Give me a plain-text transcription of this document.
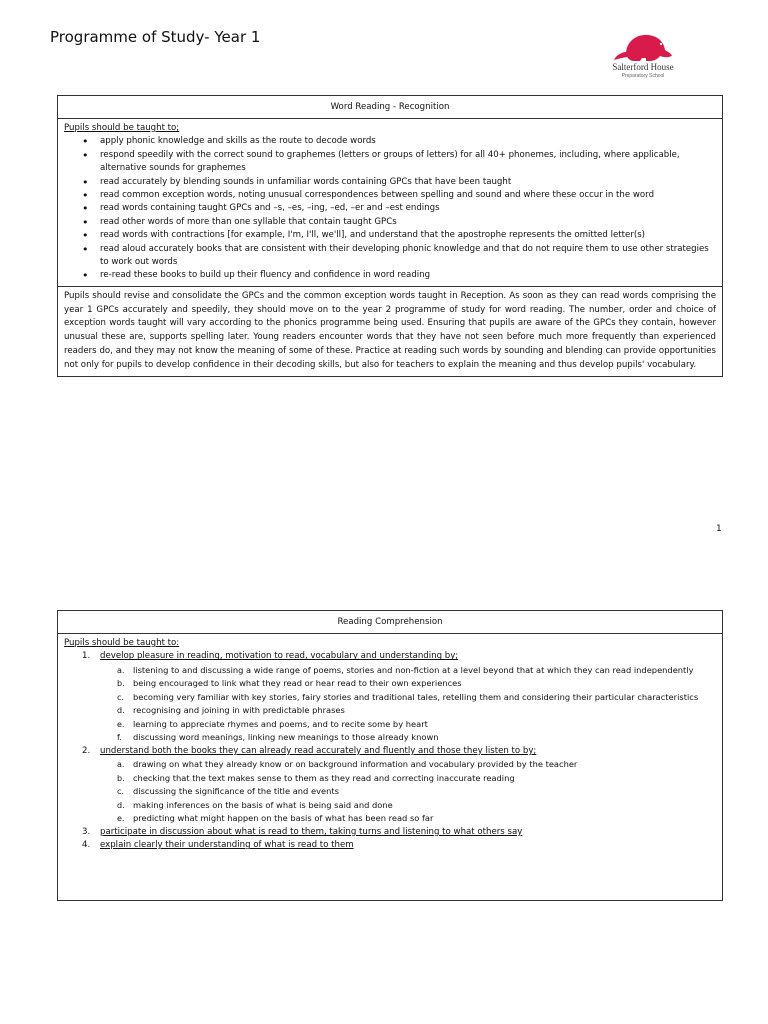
Programme of Study- Year 1
Salterford House
Preparatory School
Word Reading - Recognition
Pupils should be taught to;
• apply phonic knowledge and skills as the route to decode words
• respond speedily with the correct sound to graphemes (letters or groups of letters) for all 40+ phonemes, including, where applicable, alternative sounds for graphemes
• read accurately by blending sounds in unfamiliar words containing GPCs that have been taught
• read common exception words, noting unusual correspondences between spelling and sound and where these occur in the word
• read words containing taught GPCs and –s, –es, –ing, –ed, –er and –est endings
• read other words of more than one syllable that contain taught GPCs
• read words with contractions [for example, I'm, I'll, we'll], and understand that the apostrophe represents the omitted letter(s)
• read aloud accurately books that are consistent with their developing phonic knowledge and that do not require them to use other strategies to work out words
• re-read these books to build up their fluency and confidence in word reading
Pupils should revise and consolidate the GPCs and the common exception words taught in Reception. As soon as they can read words comprising the year 1 GPCs accurately and speedily, they should move on to the year 2 programme of study for word reading. The number, order and choice of exception words taught will vary according to the phonics programme being used. Ensuring that pupils are aware of the GPCs they contain, however unusual these are, supports spelling later. Young readers encounter words that they have not seen before much more frequently than experienced readers do, and they may not know the meaning of some of these. Practice at reading such words by sounding and blending can provide opportunities not only for pupils to develop confidence in their decoding skills, but also for teachers to explain the meaning and thus develop pupils' vocabulary.
1
Reading Comprehension
Pupils should be taught to:
1. develop pleasure in reading, motivation to read, vocabulary and understanding by;
a. listening to and discussing a wide range of poems, stories and non-fiction at a level beyond that at which they can read independently
b. being encouraged to link what they read or hear read to their own experiences
c. becoming very familiar with key stories, fairy stories and traditional tales, retelling them and considering their particular characteristics
d. recognising and joining in with predictable phrases
e. learning to appreciate rhymes and poems, and to recite some by heart
f. discussing word meanings, linking new meanings to those already known
2. understand both the books they can already read accurately and fluently and those they listen to by;
a. drawing on what they already know or on background information and vocabulary provided by the teacher
b. checking that the text makes sense to them as they read and correcting inaccurate reading
c. discussing the significance of the title and events
d. making inferences on the basis of what is being said and done
e. predicting what might happen on the basis of what has been read so far
3. participate in discussion about what is read to them, taking turns and listening to what others say
4. explain clearly their understanding of what is read to them
